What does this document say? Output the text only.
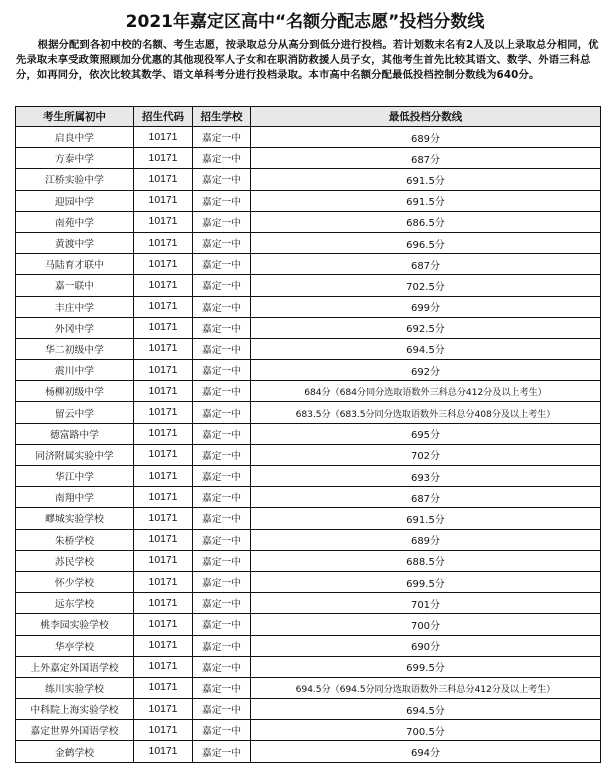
2021年嘉定区高中“名额分配志愿”投档分数线

根据分配到各初中校的名额、考生志愿，按录取总分从高分到低分进行投档。若计划数末名有2人及以上录取总分相同，优先录取未享受政策照顾加分优惠的其他现役军人子女和在职消防救援人员子女，其他考生首先比较其语文、数学、外语三科总分，如再同分，依次比较其数学、语文单科考分进行投档录取。本市高中名额分配最低投档控制分数线为640分。

考生所属初中	招生代码	招生学校	最低投档分数线
启良中学	10171	嘉定一中	689分
方泰中学	10171	嘉定一中	687分
江桥实验中学	10171	嘉定一中	691.5分
迎园中学	10171	嘉定一中	691.5分
南苑中学	10171	嘉定一中	686.5分
黄渡中学	10171	嘉定一中	696.5分
马陆育才联中	10171	嘉定一中	687分
嘉一联中	10171	嘉定一中	702.5分
丰庄中学	10171	嘉定一中	699分
外冈中学	10171	嘉定一中	692.5分
华二初级中学	10171	嘉定一中	694.5分
震川中学	10171	嘉定一中	692分
杨柳初级中学	10171	嘉定一中	684分（684分同分选取语数外三科总分412分及以上考生）
留云中学	10171	嘉定一中	683.5分（683.5分同分选取语数外三科总分408分及以上考生）
德富路中学	10171	嘉定一中	695分
同济附属实验中学	10171	嘉定一中	702分
华江中学	10171	嘉定一中	693分
南翔中学	10171	嘉定一中	687分
疁城实验学校	10171	嘉定一中	691.5分
朱桥学校	10171	嘉定一中	689分
苏民学校	10171	嘉定一中	688.5分
怀少学校	10171	嘉定一中	699.5分
远东学校	10171	嘉定一中	701分
桃李园实验学校	10171	嘉定一中	700分
华亭学校	10171	嘉定一中	690分
上外嘉定外国语学校	10171	嘉定一中	699.5分
练川实验学校	10171	嘉定一中	694.5分（694.5分同分选取语数外三科总分412分及以上考生）
中科院上海实验学校	10171	嘉定一中	694.5分
嘉定世界外国语学校	10171	嘉定一中	700.5分
金鹤学校	10171	嘉定一中	694分
